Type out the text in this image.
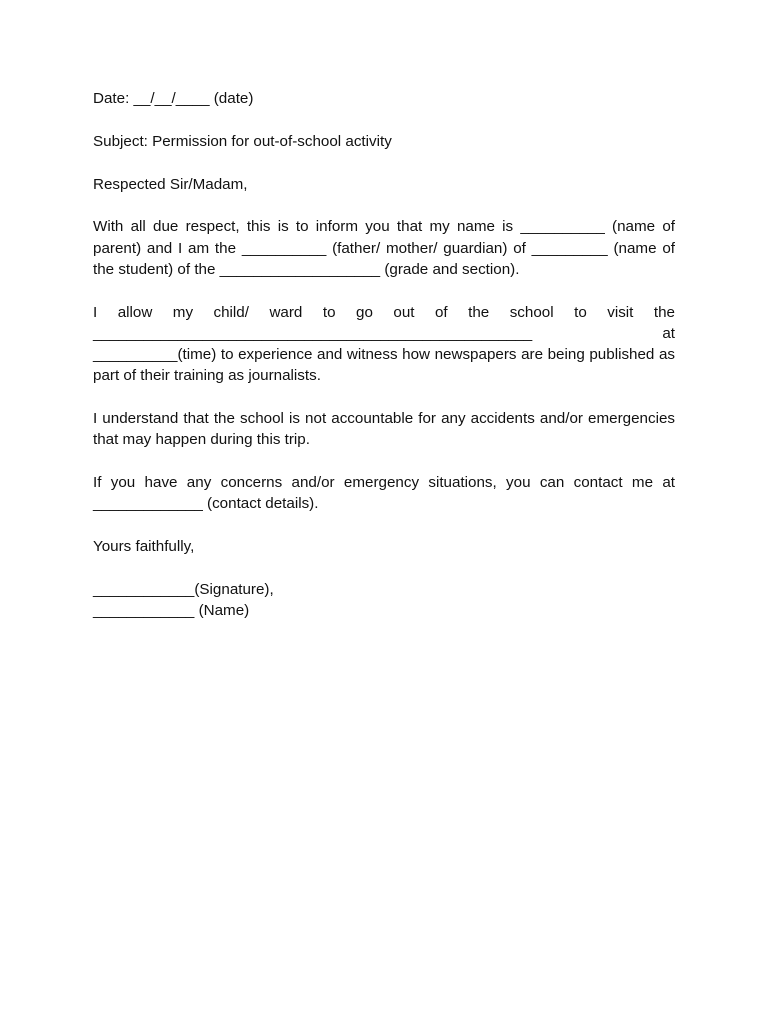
Date: __/__/____ (date)

Subject: Permission for out-of-school activity

Respected Sir/Madam,

With all due respect, this is to inform you that my name is __________ (name of parent) and I am the __________ (father/ mother/ guardian) of _________ (name of the student) of the ___________________ (grade and section).

I allow my child/ ward to go out of the school to visit the ____________________________________________________ at __________(time) to experience and witness how newspapers are being published as part of their training as journalists.

I understand that the school is not accountable for any accidents and/or emergencies that may happen during this trip.

If you have any concerns and/or emergency situations, you can contact me at _____________ (contact details).

Yours faithfully,

____________(Signature),

____________ (Name)
